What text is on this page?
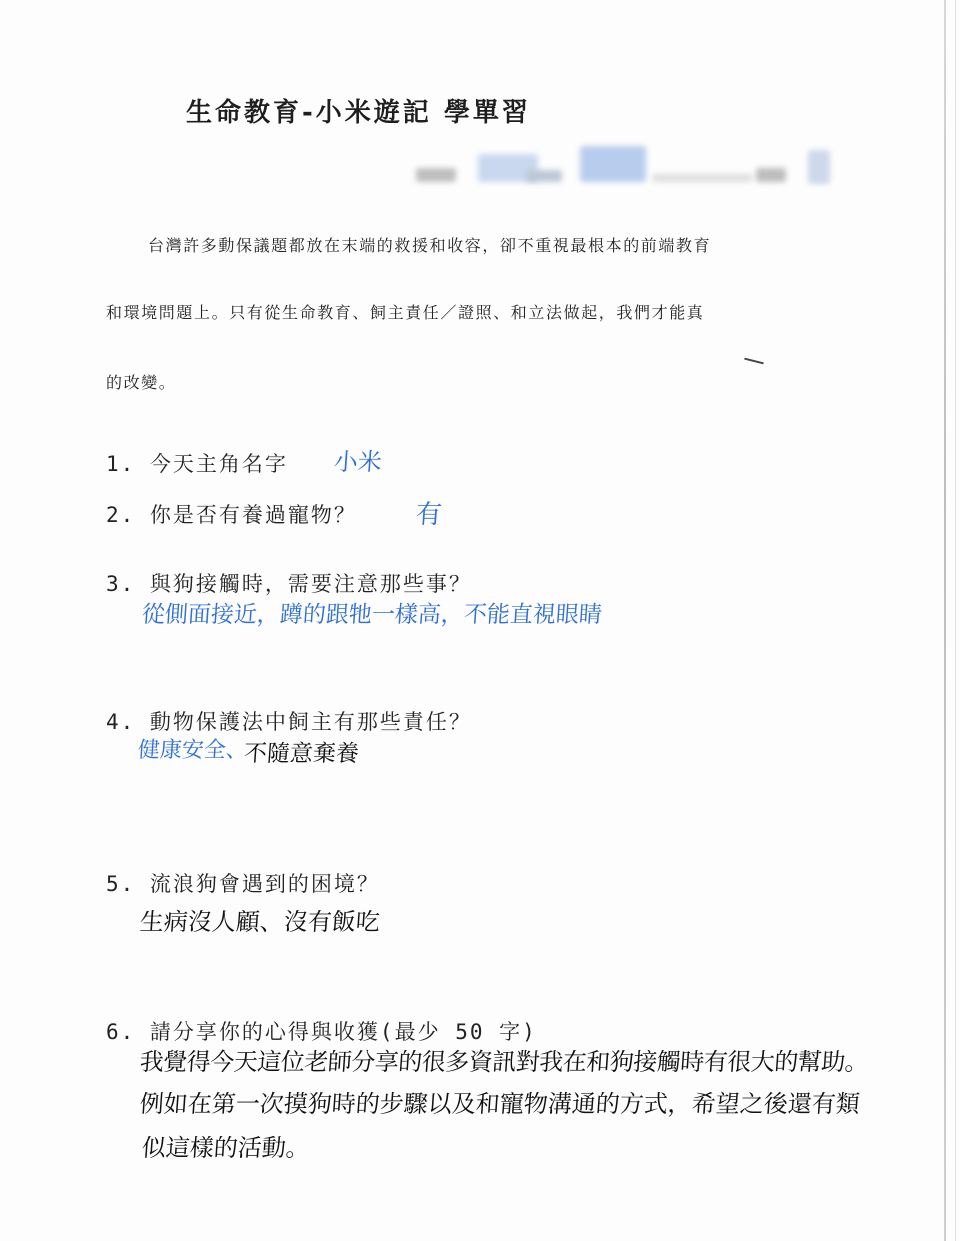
生命教育-小米遊記 學單習
台灣許多動保議題都放在末端的救援和收容，卻不重視最根本的前端教育
和環境問題上。只有從生命教育、飼主責任／證照、和立法做起，我們才能真
的改變。
1. 今天主角名字 小米
2. 你是否有養過寵物？ 有
3. 與狗接觸時，需要注意那些事？
從側面接近，蹲的跟牠一樣高，不能直視眼睛
4. 動物保護法中飼主有那些責任？
健康安全、
不隨意棄養
5. 流浪狗會遇到的困境？
生病沒人顧、沒有飯吃
6. 請分享你的心得與收獲(最少 50 字)
我覺得今天這位老師分享的很多資訊對我在和狗接觸時有很大的幫助。
例如在第一次摸狗時的步驟以及和寵物溝通的方式，希望之後還有類
似這樣的活動。
